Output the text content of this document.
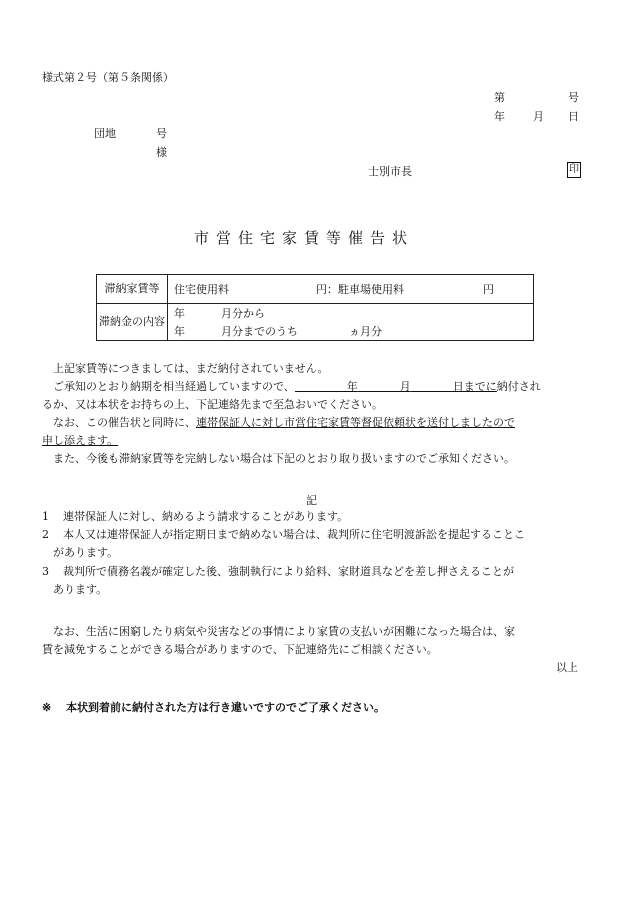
様式第２号（第５条関係）
第	号
年	月 日
団地	号
様
士別市長	印
市営住宅家賃等催告状
滞納家賃等	住宅使用料 円：駐車場使用料 円

滞納金の内容	年 月分から
年 月分までのうち ヵ月分
上記家賃等につきましては、まだ納付されていません。
ご承知のとおり納期を相当経過していますので、	年	月	日までに納付され
るか、又は本状をお持ちの上、下記連絡先まで至急おいでください。
なお、この催告状と同時に、連帯保証人に対し市営住宅家賃等督促依頼状を送付しましたので
申し添えます。
また、今後も滞納家賃等を完納しない場合は下記のとおり取り扱いますのでご承知ください。
記
1 連帯保証人に対し、納めるよう請求することがあります。
2 本人又は連帯保証人が指定期日まで納めない場合は、裁判所に住宅明渡訴訟を提起することこ
があります。
3 裁判所で債務名義が確定した後、強制執行により給料、家財道具などを差し押さえることが
あります。
なお、生活に困窮したり病気や災害などの事情により家賃の支払いが困難になった場合は、家
賃を減免することができる場合がありますので、下記連絡先にご相談ください。
以上
※ 本状到着前に納付された方は行き違いですのでご了承ください。
